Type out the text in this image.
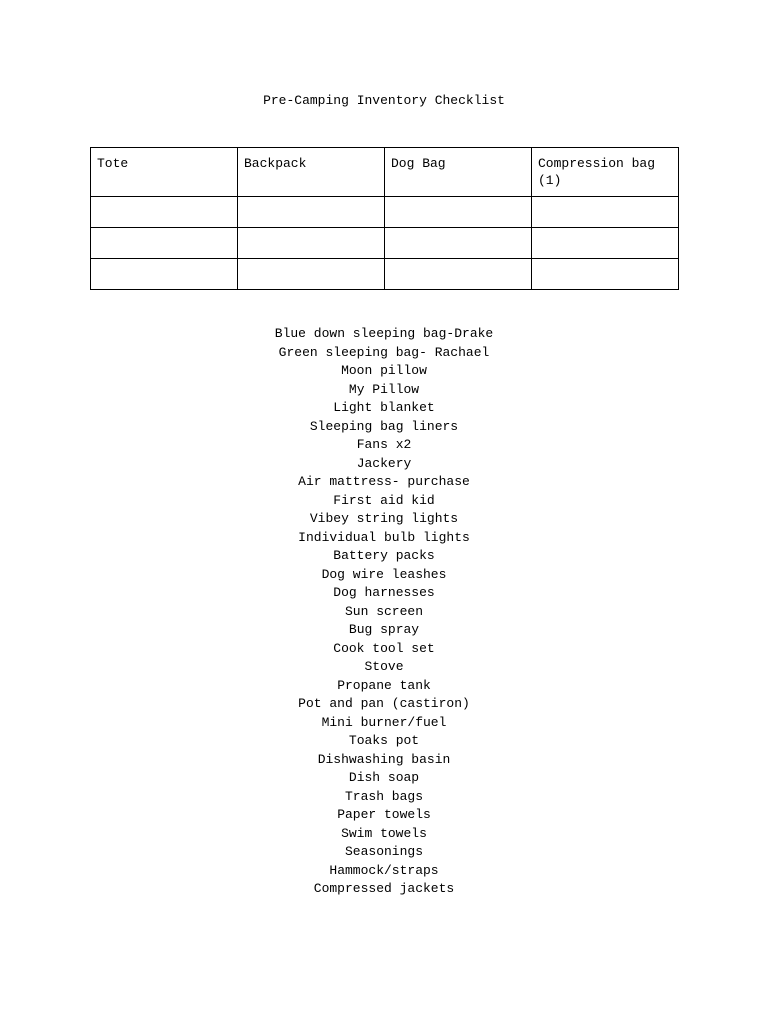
Pre-Camping Inventory Checklist
Tote	Backpack	Dog Bag	Compression bag (1)

Blue down sleeping bag-Drake
Green sleeping bag- Rachael
Moon pillow
My Pillow
Light blanket
Sleeping bag liners
Fans x2
Jackery
Air mattress- purchase
First aid kid
Vibey string lights
Individual bulb lights
Battery packs
Dog wire leashes
Dog harnesses
Sun screen
Bug spray
Cook tool set
Stove
Propane tank
Pot and pan (castiron)
Mini burner/fuel
Toaks pot
Dishwashing basin
Dish soap
Trash bags
Paper towels
Swim towels
Seasonings
Hammock/straps
Compressed jackets
